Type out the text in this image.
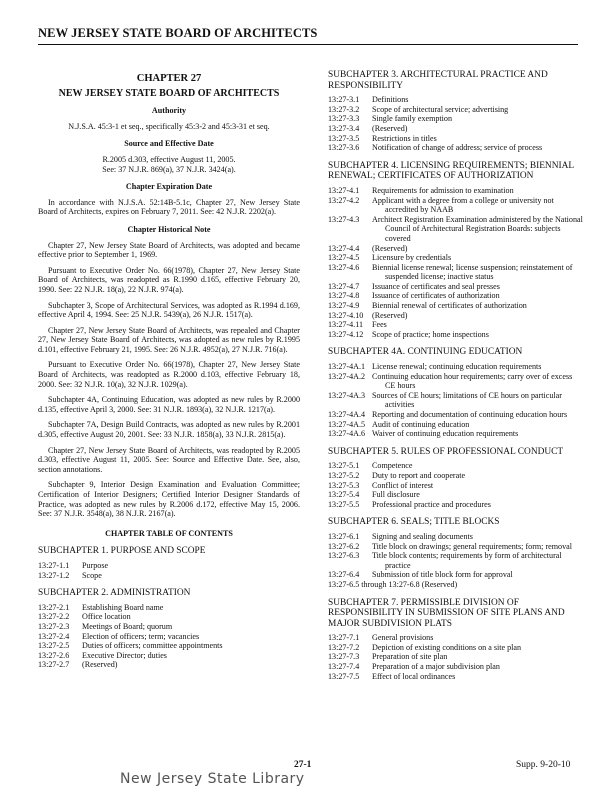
NEW JERSEY STATE BOARD OF ARCHITECTS
CHAPTER 27
NEW JERSEY STATE BOARD OF ARCHITECTS
Authority

N.J.S.A. 45:3-1 et seq., specifically 45:3-2 and 45:3-31 et seq.

Source and Effective Date
R.2005 d.303, effective August 11, 2005.
See: 37 N.J.R. 869(a), 37 N.J.R. 3424(a).
Chapter Expiration Date

In accordance with N.J.S.A. 52:14B-5.1c, Chapter 27, New Jersey State Board of Architects, expires on February 7, 2011. See: 42 N.J.R. 2202(a).

Chapter Historical Note

Chapter 27, New Jersey State Board of Architects, was adopted and became effective prior to September 1, 1969.

Pursuant to Executive Order No. 66(1978), Chapter 27, New Jersey State Board of Architects, was readopted as R.1990 d.165, effective February 20, 1990. See: 22 N.J.R. 18(a), 22 N.J.R. 974(a).

Subchapter 3, Scope of Architectural Services, was adopted as R.1994 d.169, effective April 4, 1994. See: 25 N.J.R. 5439(a), 26 N.J.R. 1517(a).

Chapter 27, New Jersey State Board of Architects, was repealed and Chapter 27, New Jersey State Board of Architects, was adopted as new rules by R.1995 d.101, effective February 21, 1995. See: 26 N.J.R. 4952(a), 27 N.J.R. 716(a).

Pursuant to Executive Order No. 66(1978), Chapter 27, New Jersey State Board of Architects, was readopted as R.2000 d.103, effective February 18, 2000. See: 32 N.J.R. 10(a), 32 N.J.R. 1029(a).

Subchapter 4A, Continuing Education, was adopted as new rules by R.2000 d.135, effective April 3, 2000. See: 31 N.J.R. 1893(a), 32 N.J.R. 1217(a).

Subchapter 7A, Design Build Contracts, was adopted as new rules by R.2001 d.305, effective August 20, 2001. See: 33 N.J.R. 1858(a), 33 N.J.R. 2815(a).

Chapter 27, New Jersey State Board of Architects, was readopted by R.2005 d.303, effective August 11, 2005. See: Source and Effective Date. See, also, section annotations.

Subchapter 9, Interior Design Examination and Evaluation Committee; Certification of Interior Designers; Certified Interior Designer Standards of Practice, was adopted as new rules by R.2006 d.172, effective May 15, 2006. See: 37 N.J.R. 3548(a), 38 N.J.R. 2167(a).

CHAPTER TABLE OF CONTENTS
SUBCHAPTER 1. PURPOSE AND SCOPE
13:27-1.1	Purpose
13:27-1.2	Scope
SUBCHAPTER 2. ADMINISTRATION
13:27-2.1	Establishing Board name
13:27-2.2	Office location
13:27-2.3	Meetings of Board; quorum
13:27-2.4	Election of officers; term; vacancies
13:27-2.5	Duties of officers; committee appointments
13:27-2.6	Executive Director; duties
13:27-2.7	(Reserved)
SUBCHAPTER 3. ARCHITECTURAL PRACTICE AND RESPONSIBILITY
13:27-3.1	Definitions
13:27-3.2	Scope of architectural service; advertising
13:27-3.3	Single family exemption
13:27-3.4	(Reserved)
13:27-3.5	Restrictions in titles
13:27-3.6	Notification of change of address; service of process
SUBCHAPTER 4. LICENSING REQUIREMENTS; BIENNIAL RENEWAL; CERTIFICATES OF AUTHORIZATION
13:27-4.1	Requirements for admission to examination
13:27-4.2	Applicant with a degree from a college or university not accredited by NAAB
13:27-4.3	Architect Registration Examination administered by the National Council of Architectural Registration Boards: subjects covered
13:27-4.4	(Reserved)
13:27-4.5	Licensure by credentials
13:27-4.6	Biennial license renewal; license suspension; reinstatement of suspended license; inactive status
13:27-4.7	Issuance of certificates and seal presses
13:27-4.8	Issuance of certificates of authorization
13:27-4.9	Biennial renewal of certificates of authorization
13:27-4.10	(Reserved)
13:27-4.11	Fees
13:27-4.12	Scope of practice; home inspections
SUBCHAPTER 4A. CONTINUING EDUCATION
13:27-4A.1 License renewal; continuing education requirements
13:27-4A.2 Continuing education hour requirements; carry over of excess CE hours
13:27-4A.3 Sources of CE hours; limitations of CE hours on particular activities
13:27-4A.4 Reporting and documentation of continuing education hours
13:27-4A.5 Audit of continuing education
13:27-4A.6 Waiver of continuing education requirements
SUBCHAPTER 5. RULES OF PROFESSIONAL CONDUCT
13:27-5.1	Competence
13:27-5.2	Duty to report and cooperate
13:27-5.3	Conflict of interest
13:27-5.4	Full disclosure
13:27-5.5	Professional practice and procedures
SUBCHAPTER 6. SEALS; TITLE BLOCKS
13:27-6.1	Signing and sealing documents
13:27-6.2	Title block on drawings; general requirements; form; removal
13:27-6.3	Title block contents; requirements by form of architectural practice
13:27-6.4	Submission of title block form for approval
13:27-6.5 through 13:27-6.8 (Reserved)
SUBCHAPTER 7. PERMISSIBLE DIVISION OF RESPONSIBILITY IN SUBMISSION OF SITE PLANS AND MAJOR SUBDIVISION PLATS
13:27-7.1	General provisions
13:27-7.2	Depiction of existing conditions on a site plan
13:27-7.3	Preparation of site plan
13:27-7.4	Preparation of a major subdivision plan
13:27-7.5	Effect of local ordinances
27-1	Supp. 9-20-10
New Jersey State Library
